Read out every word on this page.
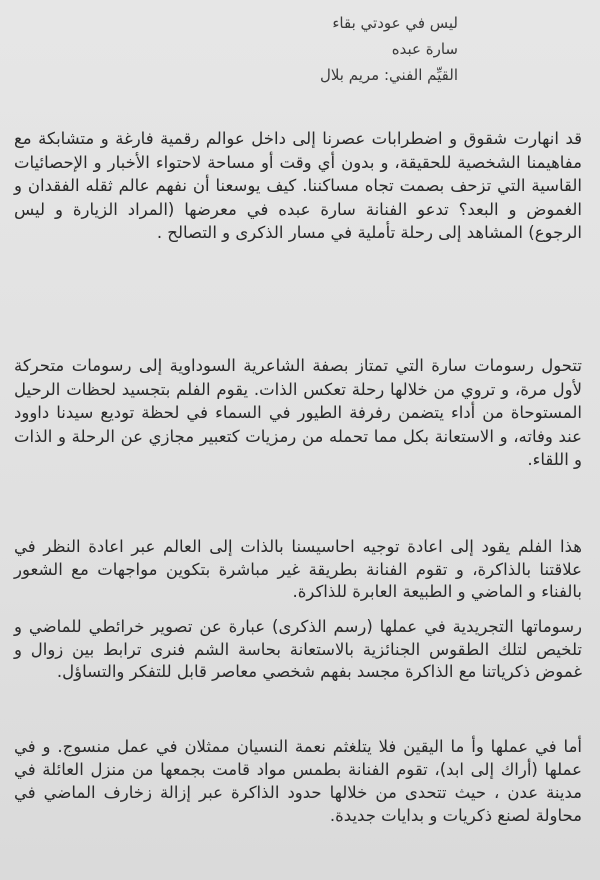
ليس في عودتي بقاء
سارة عبده
القيِّم الفني: مريم بلال

قد انهارت شقوق و اضطرابات عصرنا إلى داخل عوالم رقمية فارغة و متشابكة مع مفاهيمنا الشخصية للحقيقة، و بدون أي وقت أو مساحة لاحتواء الأخبار و الإحصائيات القاسية التي تزحف بصمت تجاه مساكننا. كيف يوسعنا أن نفهم عالم ثقله الفقدان و الغموض و البعد؟ تدعو الفنانة سارة عبده في معرضها (المراد الزيارة و ليس الرجوع) المشاهد إلى رحلة تأملية في مسار الذكرى و التصالح .

تتحول رسومات سارة التي تمتاز بصفة الشاعرية السوداوية إلى رسومات متحركة لأول مرة، و تروي من خلالها رحلة تعكس الذات. يقوم الفلم بتجسيد لحظات الرحيل المستوحاة من أداء يتضمن رفرفة الطيور في السماء في لحظة توديع سيدنا داوود عند وفاته، و الاستعانة بكل مما تحمله من رمزيات كتعبير مجازي عن الرحلة و الذات و اللقاء.

هذا الفلم يقود إلى اعادة توجيه احاسيسنا بالذات إلى العالم عبر اعادة النظر في علاقتنا بالذاكرة، و تقوم الفنانة بطريقة غير مباشرة بتكوين مواجهات مع الشعور بالفناء و الماضي و الطبيعة العابرة للذاكرة.

رسوماتها التجريدية في عملها (رسم الذكرى) عبارة عن تصوير خرائطي للماضي و تلخيص لتلك الطقوس الجنائزية بالاستعانة بحاسة الشم فنرى ترابط بين زوال و غموض ذكرياتنا مع الذاكرة مجسد بفهم شخصي معاصر قابل للتفكر والتساؤل.

أما في عملها وأ ما اليقين فلا يتلغثم نعمة النسيان ممثلان في عمل منسوج. و في عملها (أراك إلى ابد)، تقوم الفنانة بطمس مواد قامت بجمعها من منزل العائلة في مدينة عدن ، حيث تتحدى من خلالها حدود الذاكرة عبر إزالة زخارف الماضي في محاولة لصنع ذكريات و بدايات جديدة.
